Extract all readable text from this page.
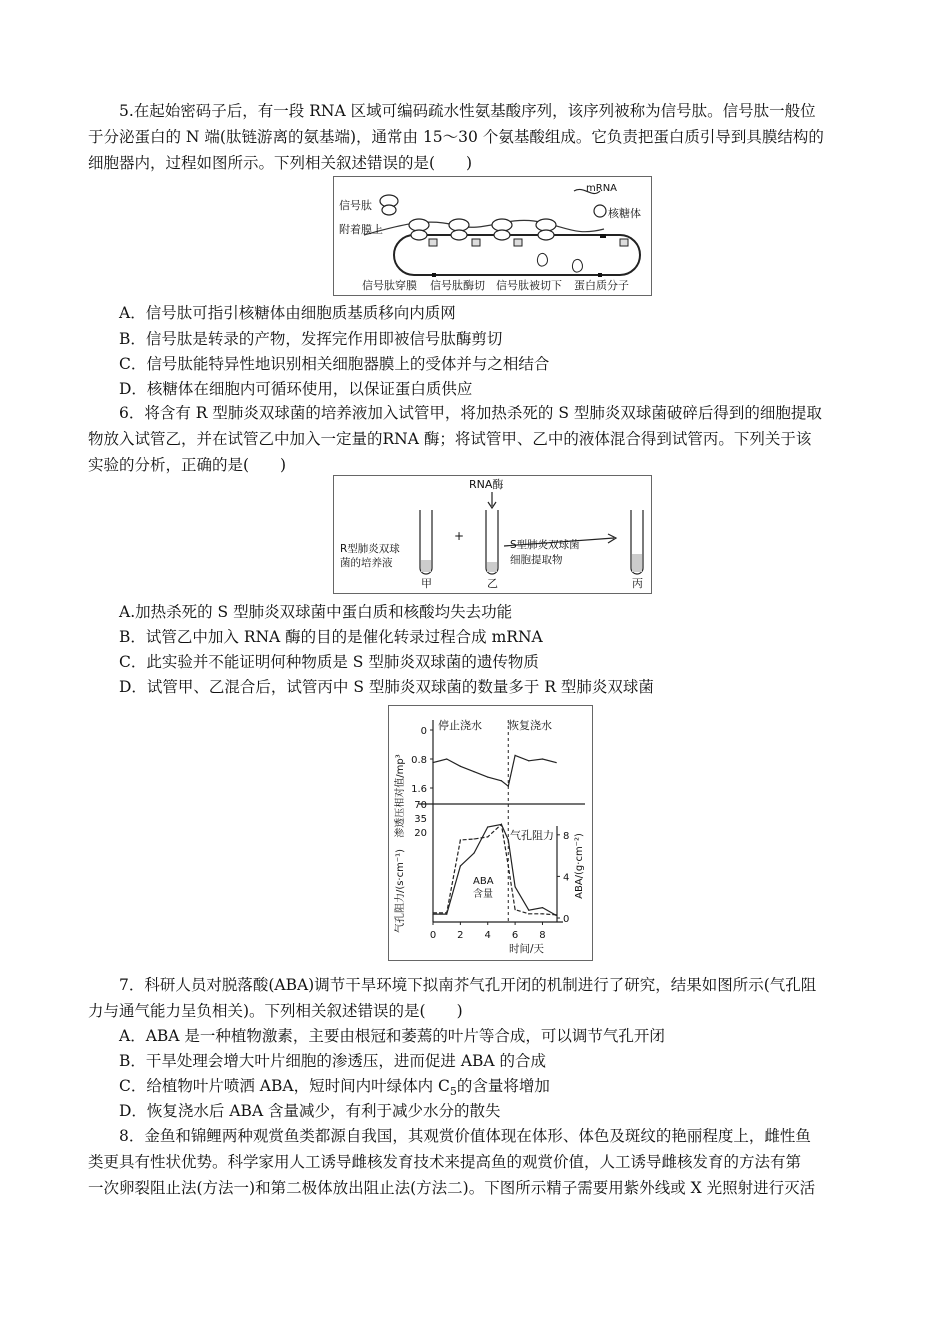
5.在起始密码子后，有一段 RNA 区域可编码疏水性氨基酸序列，该序列被称为信号肽。信号肽一般位

于分泌蛋白的 N 端(肽链游离的氨基端)，通常由 15～30 个氨基酸组成。它负责把蛋白质引导到具膜结构的

细胞器内，过程如图所示。下列相关叙述错误的是(　　)

信号肽
附着膜上
mRNA
核糖体
信号肽穿膜 信号肽酶切 信号肽被切下 蛋白质分子

A．信号肽可指引核糖体由细胞质基质移向内质网

B．信号肽是转录的产物，发挥完作用即被信号肽酶剪切

C．信号肽能特异性地识别相关细胞器膜上的受体并与之相结合

D．核糖体在细胞内可循环使用，以保证蛋白质供应

6．将含有 R 型肺炎双球菌的培养液加入试管甲，将加热杀死的 S 型肺炎双球菌破碎后得到的细胞提取

物放入试管乙，并在试管乙中加入一定量的RNA 酶；将试管甲、乙中的液体混合得到试管丙。下列关于该

实验的分析，正确的是(　　)

RNA酶
R型肺炎双球
菌的培养液
+
S型肺炎双球菌
细胞提取物
甲	乙	丙

A.加热杀死的 S 型肺炎双球菌中蛋白质和核酸均失去功能

B．试管乙中加入 RNA 酶的目的是催化转录过程合成 mRNA

C．此实验并不能证明何种物质是 S 型肺炎双球菌的遗传物质

D．试管甲、乙混合后，试管丙中 S 型肺炎双球菌的数量多于 R 型肺炎双球菌

渗透压相对值/mp³
气孔阻力/(s·cm⁻¹)	ABA/(g·cm⁻²)
停止浇水 恢复浇水
气孔阻力
ABA
含量
时间/天
0
0.8
1.6
70
35
20	8
4
0
0 2 4 6 8

7．科研人员对脱落酸(ABA)调节干旱环境下拟南芥气孔开闭的机制进行了研究，结果如图所示(气孔阻

力与通气能力呈负相关)。下列相关叙述错误的是(　　)

A．ABA 是一种植物激素，主要由根冠和萎蔫的叶片等合成，可以调节气孔开闭

B．干旱处理会增大叶片细胞的渗透压，进而促进 ABA 的合成

C．给植物叶片喷洒 ABA，短时间内叶绿体内 $C_5$的含量将增加

D．恢复浇水后 ABA 含量减少，有利于减少水分的散失

8．金鱼和锦鲤两种观赏鱼类都源自我国，其观赏价值体现在体形、体色及斑纹的艳丽程度上，雌性鱼

类更具有性状优势。科学家用人工诱导雌核发育技术来提高鱼的观赏价值，人工诱导雌核发育的方法有第

一次卵裂阻止法(方法一)和第二极体放出阻止法(方法二)。下图所示精子需要用紫外线或 X 光照射进行灭活
